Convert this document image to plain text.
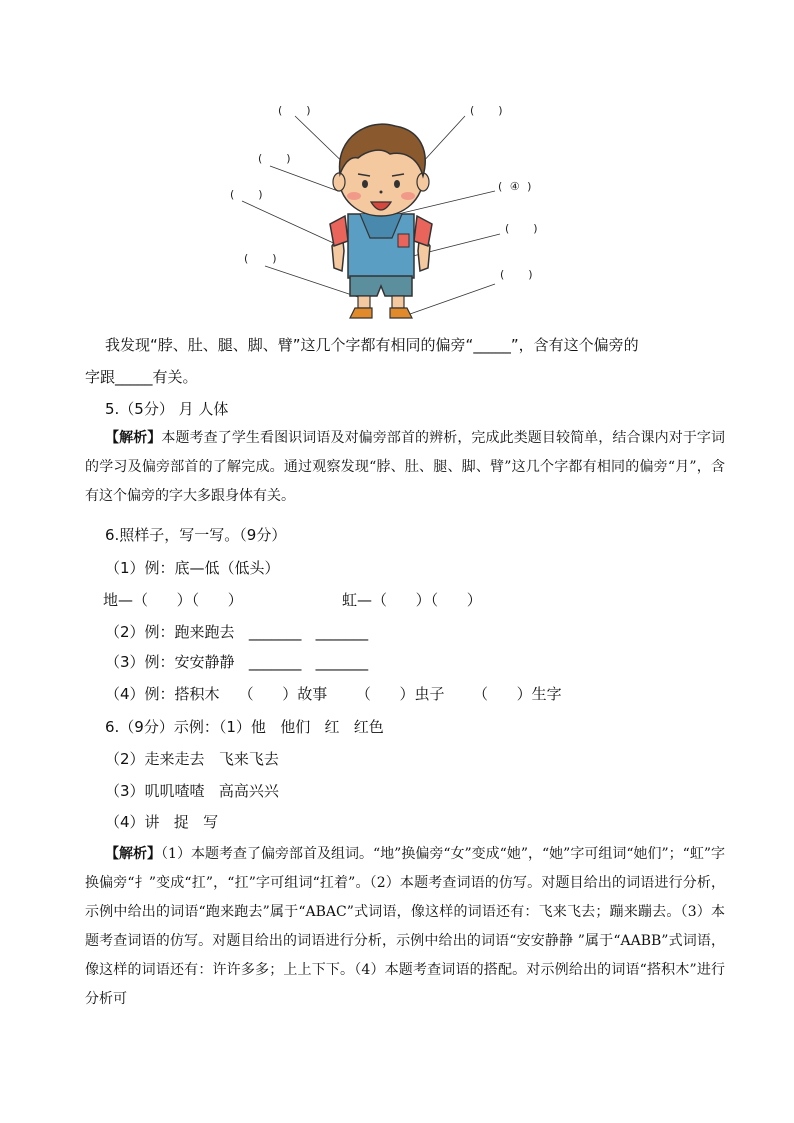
(    )
(    )
(    )
(    )
(    )
( ④ )
(    )
(    )
我发现“脖、肚、腿、脚、臂”这几个字都有相同的偏旁“_____”，含有这个偏旁的
字跟_____有关。
5.（5分） 月 人体
【解析】本题考查了学生看图识词语及对偏旁部首的辨析，完成此类题目较简单，结合课内对于字词的学习及偏旁部首的了解完成。通过观察发现“脖、肚、腿、脚、臂”这几个字都有相同的偏旁“月”，含有这个偏旁的字大多跟身体有关。
6.照样子，写一写。（9分）
（1）例：底—低（低头）
地—（      ）（      ）	虹—（      ）（      ）
（2）例：跑来跑去   _______   _______
（3）例：安安静静   _______   _______
（4）例：搭积木    （      ）故事      （      ）虫子      （      ）生字
6.（9分）示例：（1）他   他们   红   红色
（2）走来走去   飞来飞去
（3）叽叽喳喳   高高兴兴
（4）讲   捉   写
【解析】（1）本题考查了偏旁部首及组词。“地”换偏旁“女”变成“她”，“她”字可组词“她们”；“虹”字换偏旁“扌”变成“扛”，“扛”字可组词“扛着”。（2）本题考查词语的仿写。对题目给出的词语进行分析，示例中给出的词语“跑来跑去”属于“ABAC”式词语，像这样的词语还有：飞来飞去；蹦来蹦去。（3）本题考查词语的仿写。对题目给出的词语进行分析，示例中给出的词语“安安静静 ”属于“AABB”式词语，像这样的词语还有：许许多多；上上下下。（4）本题考查词语的搭配。对示例给出的词语“搭积木”进行分析可
